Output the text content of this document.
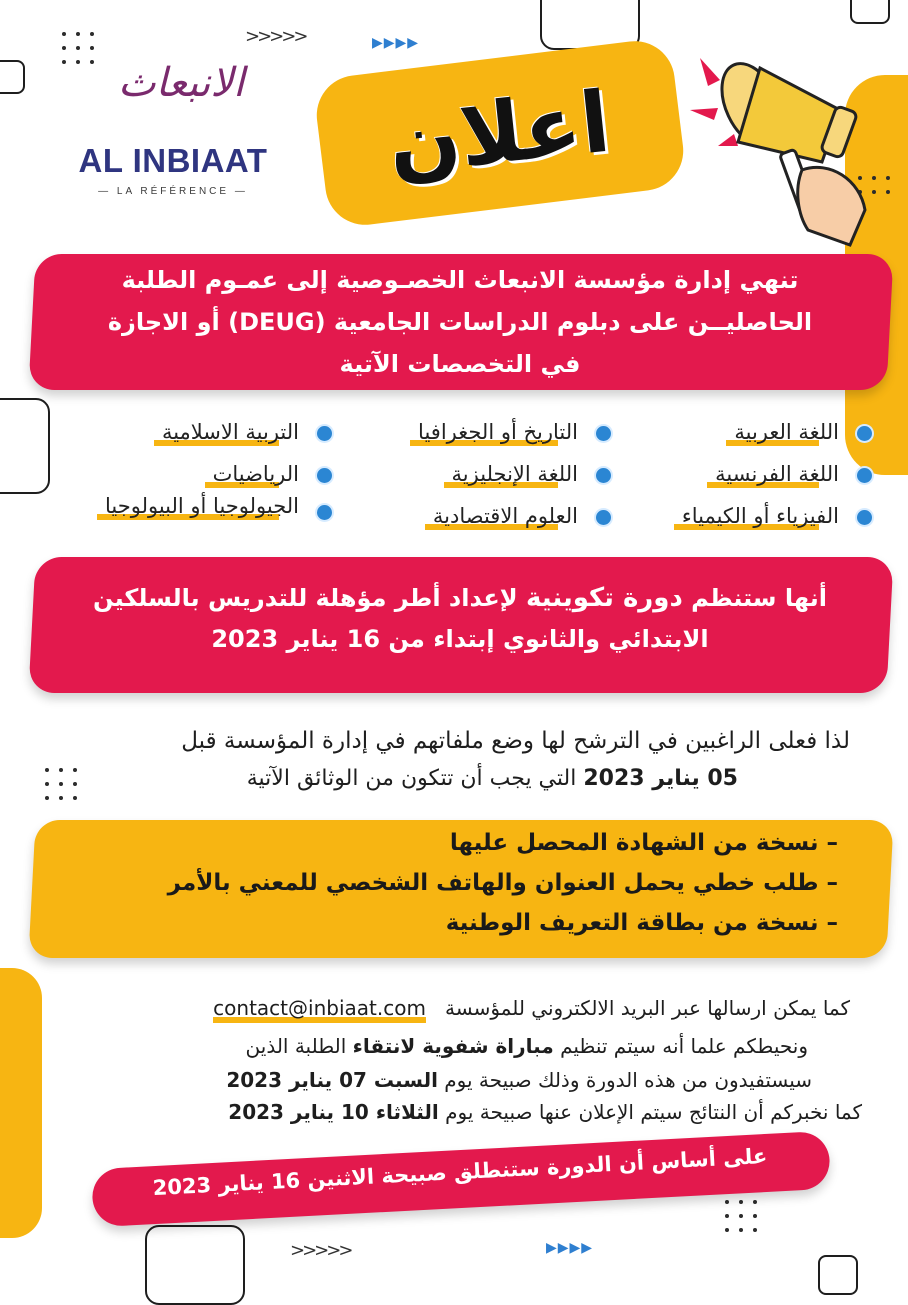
>>>>>
>>>>>
▶▶▶▶
▶▶▶▶
الانبعاث
AL INBIAAT
— LA RÉFÉRENCE —	اعلان
تنهي إدارة مؤسسة الانبعاث الخصـوصية إلى عمـوم الطلبة
الحاصليــن على دبلوم الدراسات الجامعية (DEUG) أو الاجازة
في التخصصات الآتية
اللغة العربية
اللغة الفرنسية
الفيزياء أو الكيمياء
التاريخ أو الجغرافيا
اللغة الإنجليزية
العلوم الاقتصادية
التربية الاسلامية
الرياضيات
الجيولوجيا أو البيولوجيا
أنها ستنظم دورة تكوينية لإعداد أطر مؤهلة للتدريس بالسلكين
الابتدائي والثانوي إبتداء من 16 يناير 2023
لذا فعلى الراغبين في الترشح لها وضع ملفاتهم في إدارة المؤسسة قبل
05 يناير 2023 التي يجب أن تتكون من الوثائق الآتية
– نسخة من الشهادة المحصل عليها
– طلب خطي يحمل العنوان والهاتف الشخصي للمعني بالأمر
– نسخة من بطاقة التعريف الوطنية
كما يمكن ارسالها عبر البريد الالكتروني للمؤسسة   contact@inbiaat.com
ونحيطكم علما أنه سيتم تنظيم مباراة شفوية لانتقاء الطلبة الذين
سيستفيدون من هذه الدورة وذلك صبيحة يوم السبت 07 يناير 2023
كما نخبركم أن النتائج سيتم الإعلان عنها صبيحة يوم الثلاثاء 10 يناير 2023
على أساس أن الدورة ستنطلق صبيحة الاثنين 16 يناير 2023
